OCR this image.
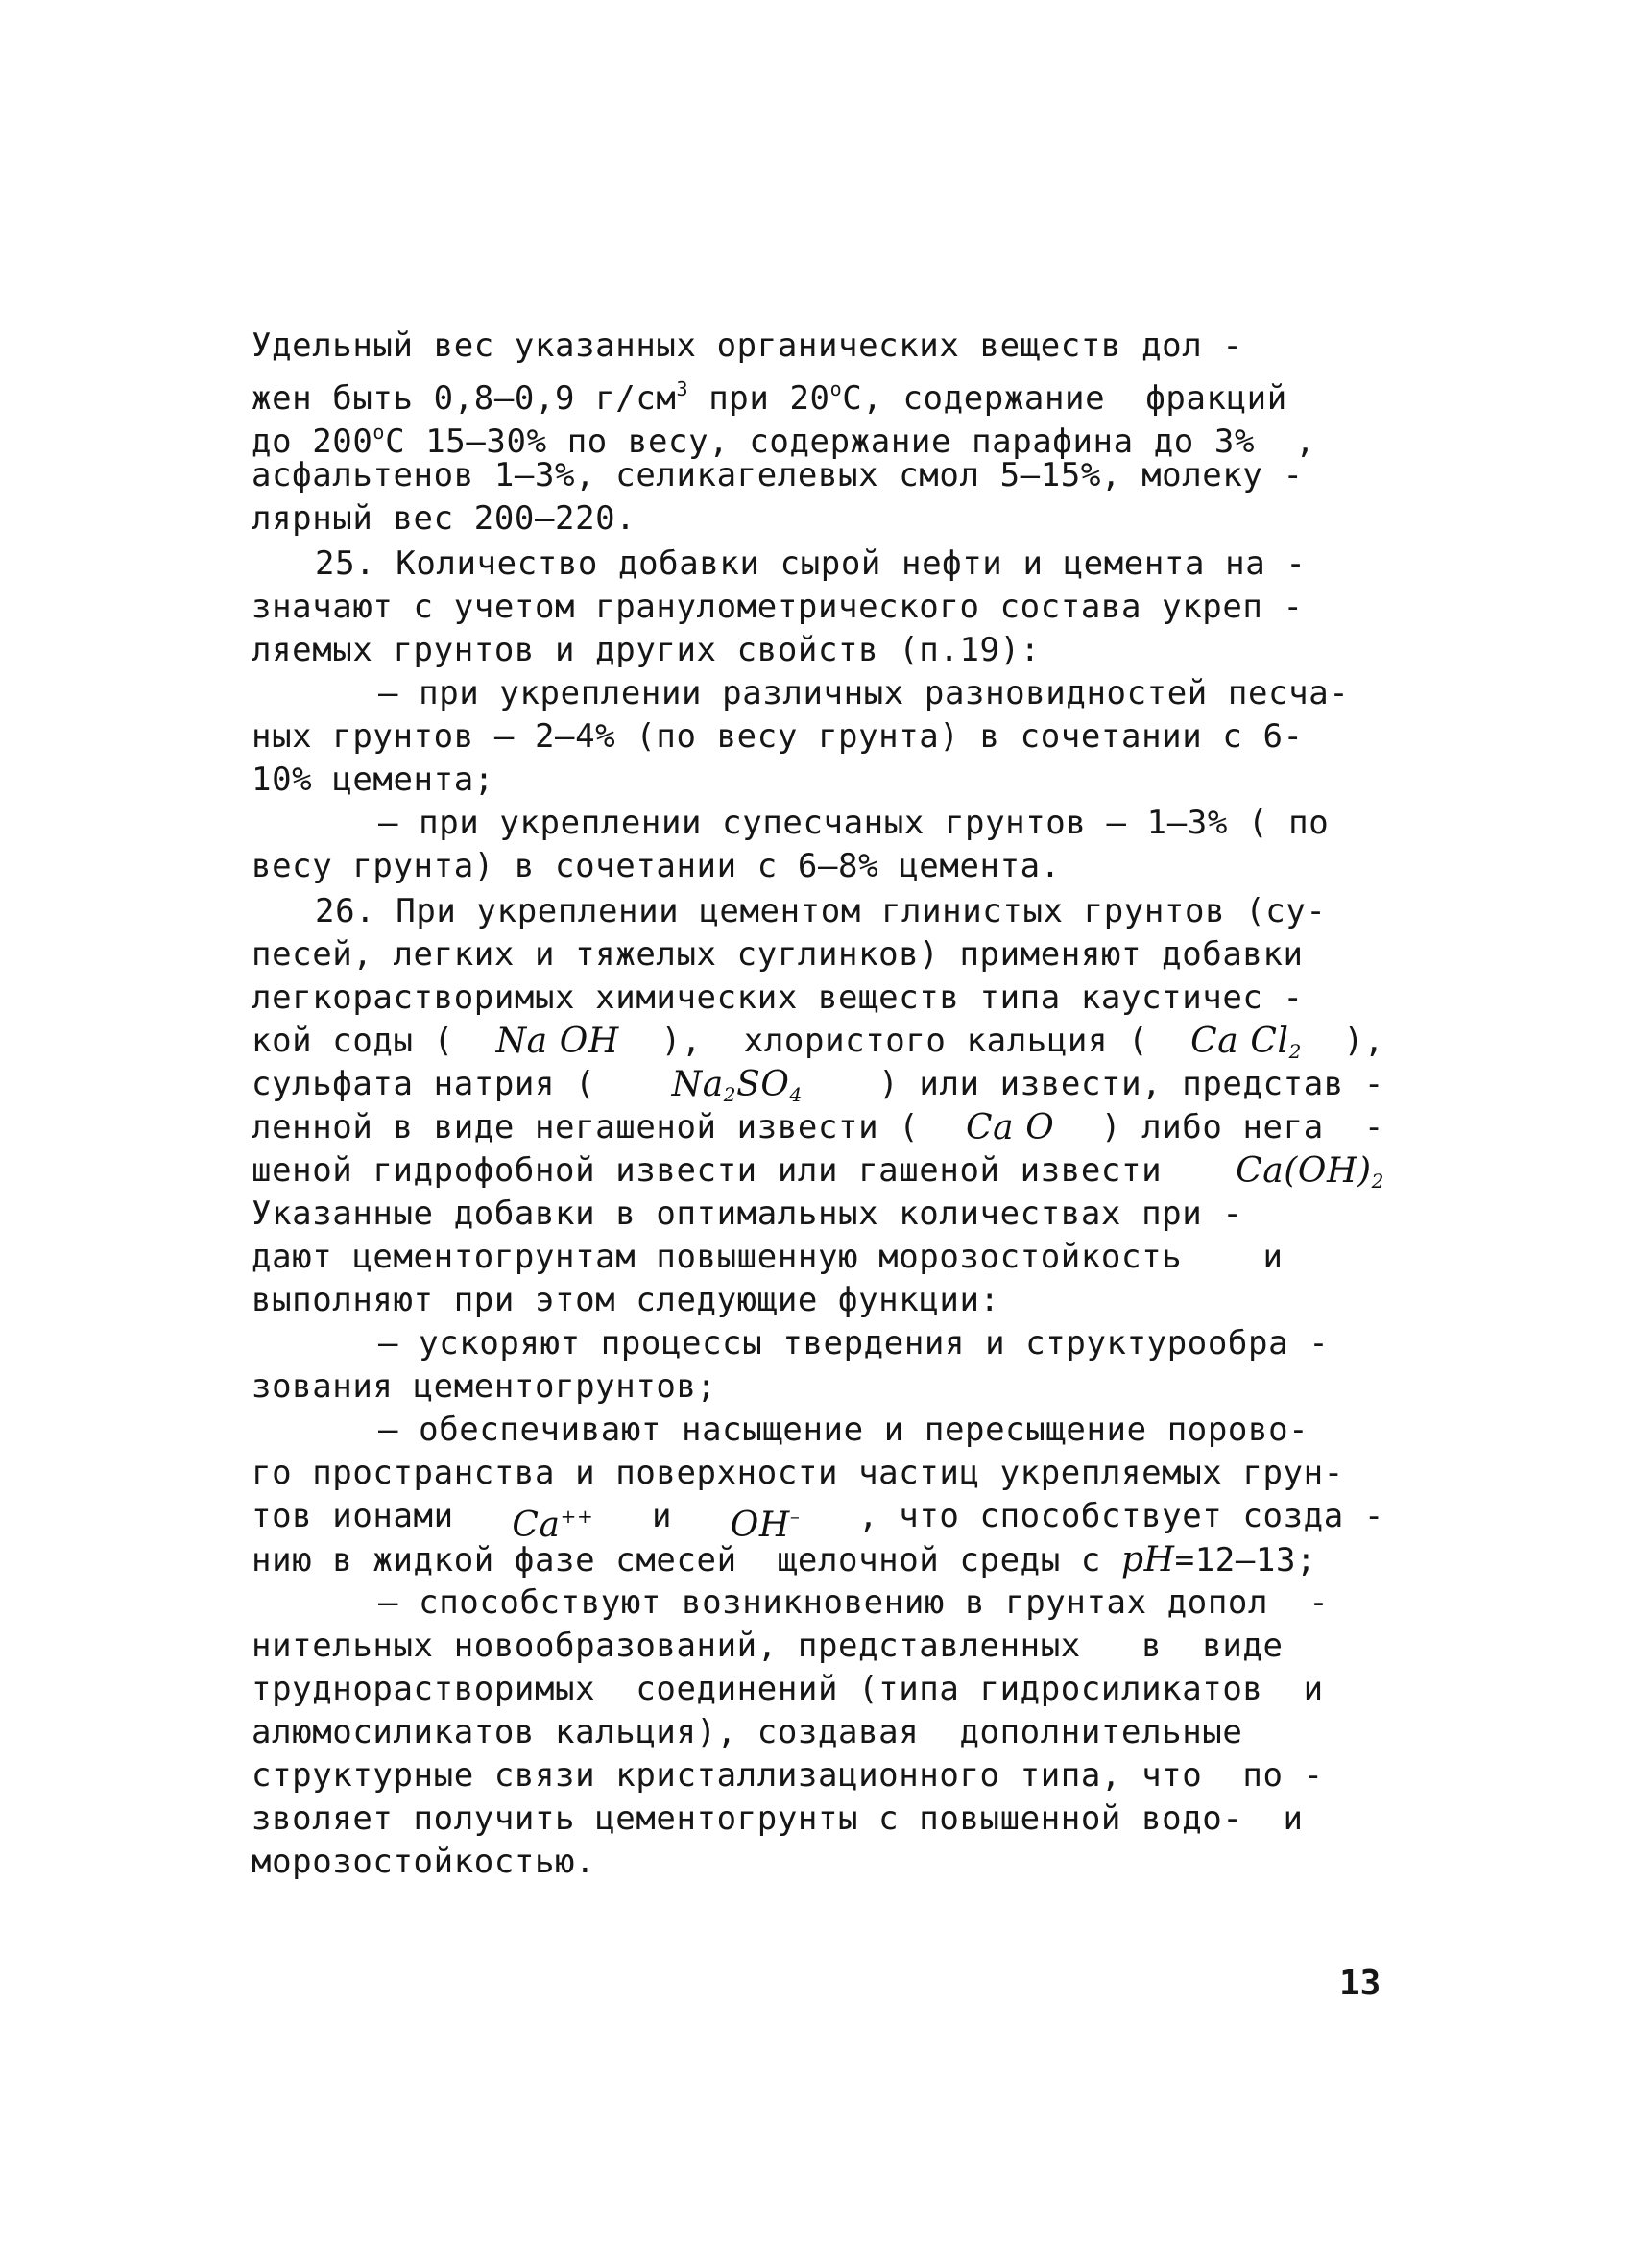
Удельный вес указанных органических веществ дол -
жен быть 0,8–0,9 $г/см^3$ при $20^оС$, содержание  фракций
до $200^оС$ 15–30% по весу, содержание парафина до 3%  ,
асфальтенов 1–3%, селикагелевых смол 5–15%, молеку -
лярный вес 200–220.
25. Количество добавки сырой нефти и цемента на -
значают с учетом гранулометрического состава укреп -
ляемых грунтов и других свойств (п.19):
– при укреплении различных разновидностей песча-
ных грунтов – 2–4% (по весу грунта) в сочетании с 6-
10% цемента;
– при укреплении супесчаных грунтов – 1–3% ( по
весу грунта) в сочетании с 6–8% цемента.
26. При укреплении цементом глинистых грунтов (су-
песей, легких и тяжелых суглинков) применяют добавки
легкорастворимых химических веществ типа каустичес -
кой соды ( Na OH ), хлористого кальция ( Ca $Cl_2$ ),
сульфата натрия ( $Na_2SO_4$ ) или извести, представ -
ленной в виде негашеной извести ( Ca O ) либо нега  -
шеной гидрофобной извести или гашеной извести $Ca(OH)_2$
Указанные добавки в оптимальных количествах при -
дают цементогрунтам повышенную морозостойкость    и
выполняют при этом следующие функции:
– ускоряют процессы твердения и структурообра -
зования цементогрунтов;
– обеспечивают насыщение и пересыщение порово-
го пространства и поверхности частиц укрепляемых грун-
тов ионами Ca++ и OH– , что способствует созда -
нию в жидкой фазе смесей  щелочной среды с pH=12–13;
– способствуют возникновению в грунтах допол  -
нительных новообразований, представленных   в  виде
труднорастворимых  соединений (типа гидросиликатов  и
алюмосиликатов кальция), создавая  дополнительные
структурные связи кристаллизационного типа, что  по -
зволяет получить цементогрунты с повышенной водо-  и
морозостойкостью.
13
